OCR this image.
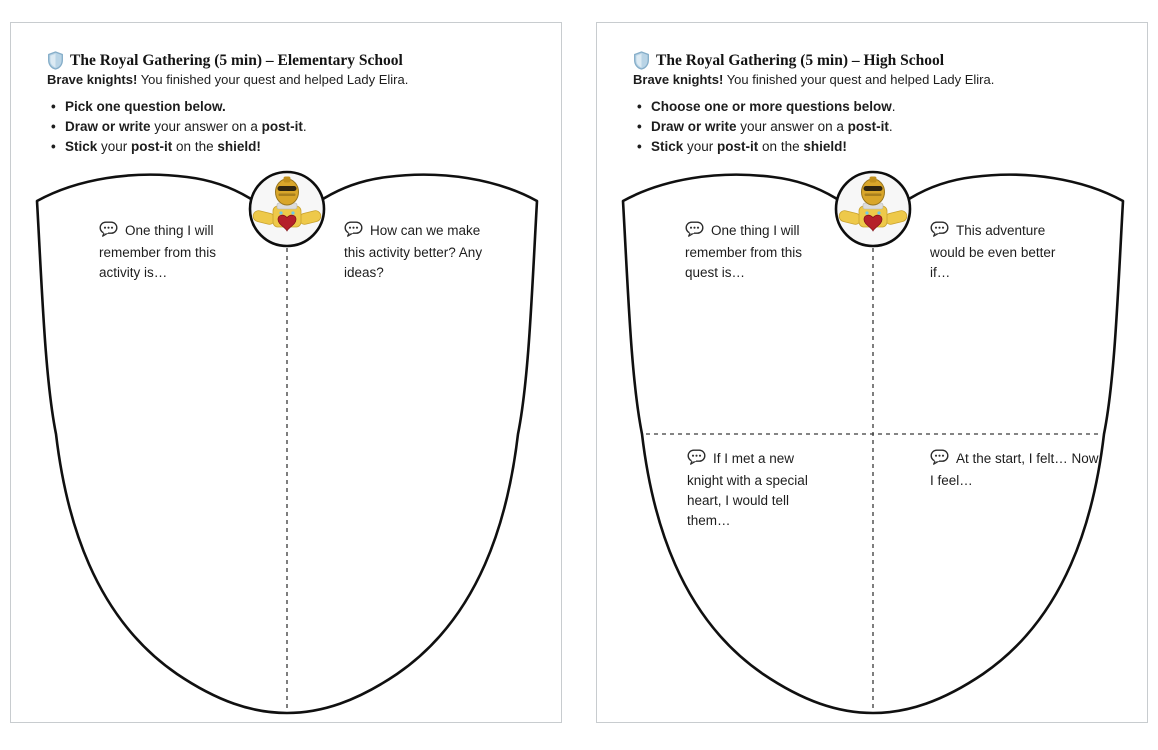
The Royal Gathering (5 min) – Elementary School
Brave knights! You finished your quest and helped Lady Elira.
• Pick one question below.
• Draw or write your answer on a post-it.
• Stick your post-it on the shield!
One thing I will remember from this activity is…
How can we make this activity better? Any ideas?
The Royal Gathering (5 min) – High School
Brave knights! You finished your quest and helped Lady Elira.
• Choose one or more questions below.
• Draw or write your answer on a post-it.
• Stick your post-it on the shield!
One thing I will remember from this quest is…
This adventure would be even better if…
If I met a new knight with a special heart, I would tell them…
At the start, I felt… Now I feel…
